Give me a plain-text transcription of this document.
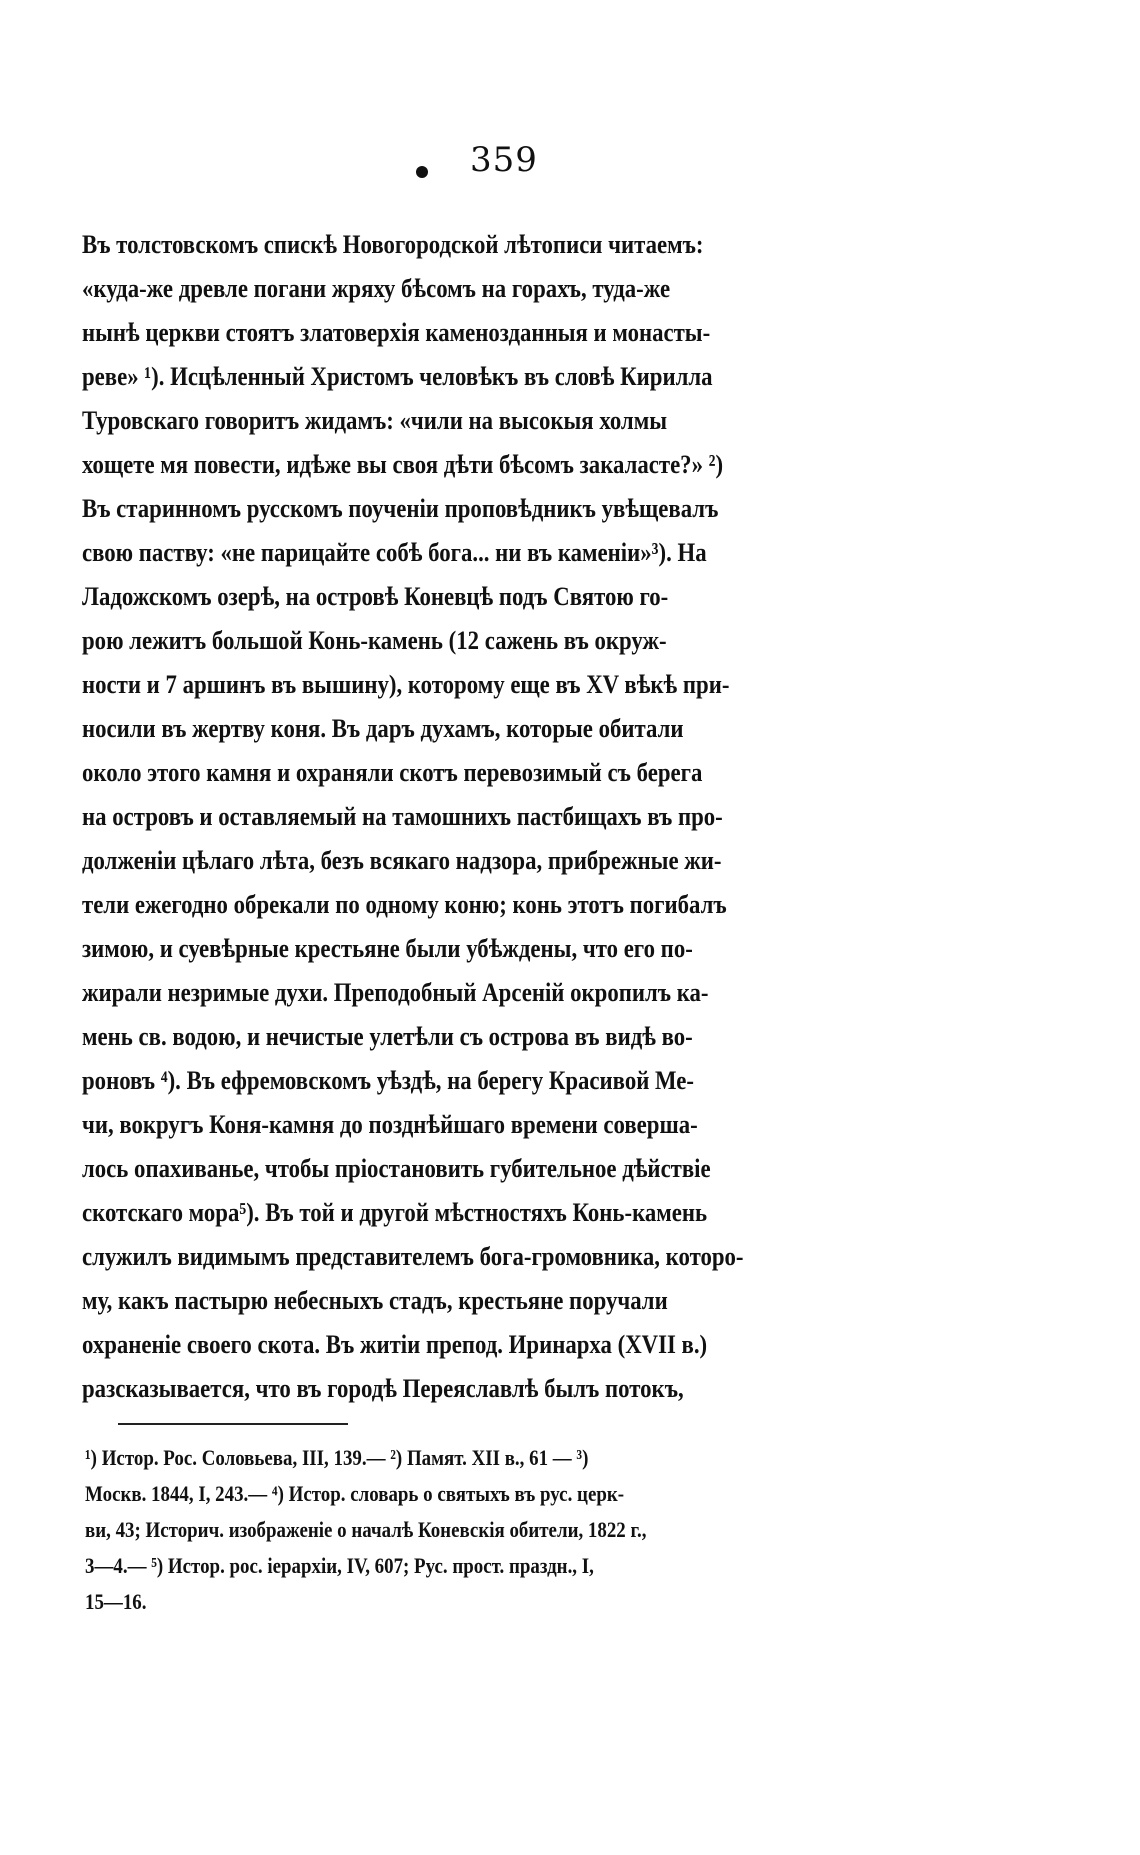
359
Въ толстовскомъ спискѣ Новогородской лѣтописи читаемъ:
«куда-же древле погани жряху бѣсомъ на горахъ, туда-же
нынѣ церкви стоятъ златоверхія каменозданныя и монасты-
реве» ¹). Исцѣленный Христомъ человѣкъ въ словѣ Кирилла
Туровскаго говоритъ жидамъ: «чили на высокыя холмы
хощете мя повести, идѣже вы своя дѣти бѣсомъ закаласте?» ²)
Въ старинномъ русскомъ поученіи проповѣдникъ увѣщевалъ
свою паству: «не парицайте собѣ бога... ни въ каменіи»³). На
Ладожскомъ озерѣ, на островѣ Коневцѣ подъ Святою го-
рою лежитъ большой Конь-камень (12 сажень въ окруж-
ности и 7 аршинъ въ вышину), которому еще въ XV вѣкѣ при-
носили въ жертву коня. Въ даръ духамъ, которые обитали
около этого камня и охраняли скотъ перевозимый съ берега
на островъ и оставляемый на тамошнихъ пастбищахъ въ про-
долженіи цѣлаго лѣта, безъ всякаго надзора, прибрежные жи-
тели ежегодно обрекали по одному коню; конь этотъ погибалъ
зимою, и суевѣрные крестьяне были убѣждены, что его по-
жирали незримые духи. Преподобный Арсеній окропилъ ка-
мень св. водою, и нечистые улетѣли съ острова въ видѣ во-
роновъ ⁴). Въ ефремовскомъ уѣздѣ, на берегу Красивой Ме-
чи, вокругъ Коня-камня до позднѣйшаго времени соверша-
лось опахиванье, чтобы пріостановить губительное дѣйствіе
скотскаго мора⁵). Въ той и другой мѣстностяхъ Конь-камень
служилъ видимымъ представителемъ бога-громовника, которо-
му, какъ пастырю небесныхъ стадъ, крестьяне поручали
охраненіе своего скота. Въ житіи препод. Иринарха (XVII в.)
разсказывается, что въ городѣ Переяславлѣ былъ потокъ,
¹) Истор. Рос. Соловьева, III, 139.— ²) Памят. XII в., 61 — ³)
Москв. 1844, I, 243.— ⁴) Истор. словарь о святыхъ въ рус. церк-
ви, 43; Историч. изображеніе о началѣ Коневскія обители, 1822 г.,
3—4.— ⁵) Истор. рос. іерархіи, IV, 607; Рус. прост. праздн., I,
15—16.
